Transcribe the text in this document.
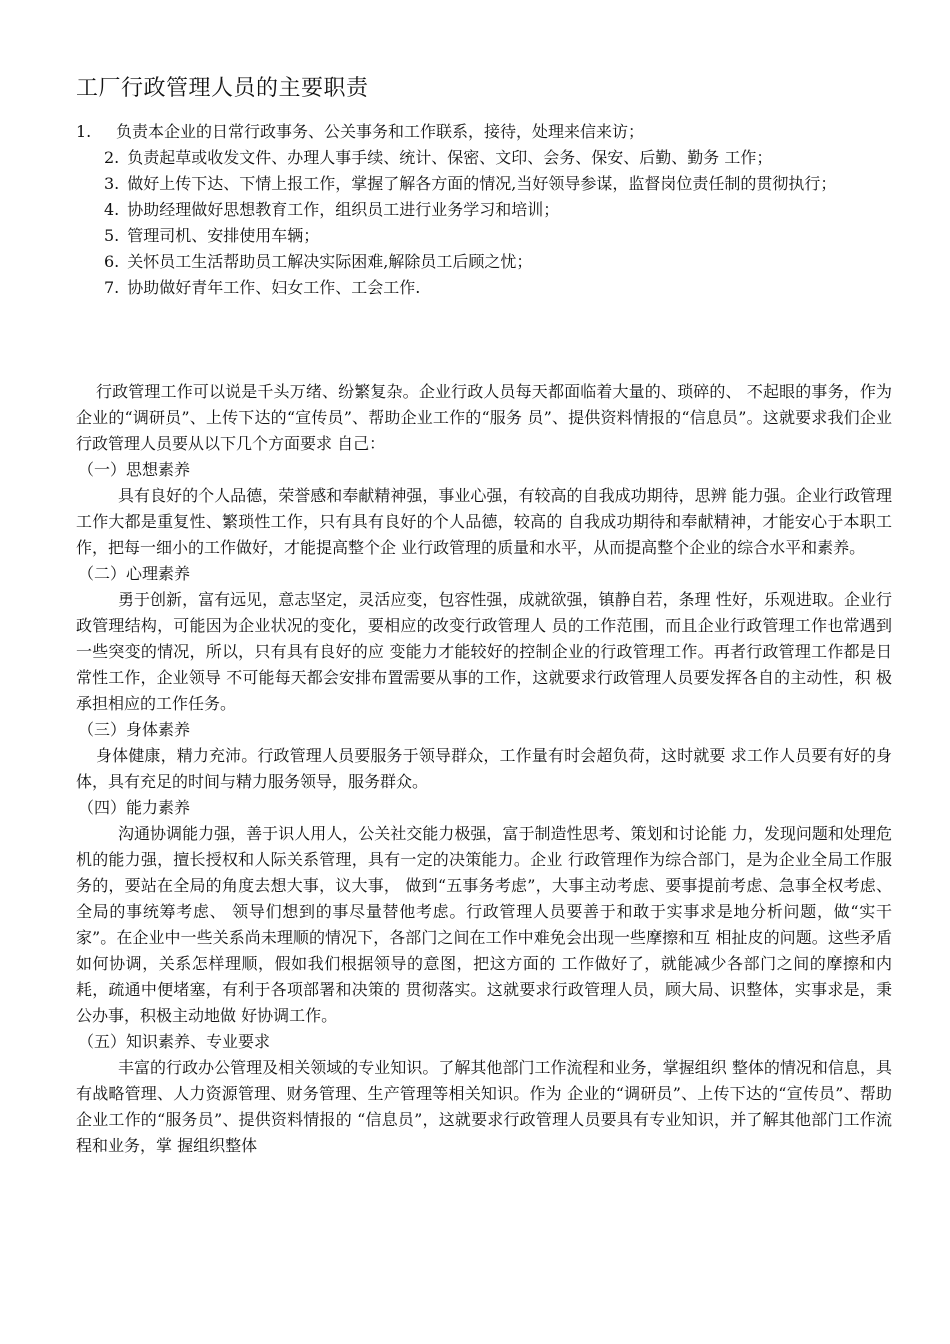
工厂行政管理人员的主要职责
1.	负责本企业的日常行政事务、公关事务和工作联系，接待，处理来信来访；
2. 负责起草或收发文件、办理人事手续、统计、保密、文印、会务、保安、后勤、勤务 工作；
3. 做好上传下达、下情上报工作，掌握了解各方面的情况,当好领导参谋，监督岗位责任制的贯彻执行；
4. 协助经理做好思想教育工作，组织员工进行业务学习和培训；
5. 管理司机、安排使用车辆；
6. 关怀员工生活帮助员工解决实际困难,解除员工后顾之忧；
7. 协助做好青年工作、妇女工作、工会工作.

行政管理工作可以说是千头万绪、纷繁复杂。企业行政人员每天都面临着大量的、琐碎的、 不起眼的事务，作为企业的“调研员”、上传下达的“宣传员”、帮助企业工作的“服务 员”、提供资料情报的“信息员”。这就要求我们企业行政管理人员要从以下几个方面要求 自己：

（一）思想素养

具有良好的个人品德，荣誉感和奉献精神强，事业心强，有较高的自我成功期待，思辨 能力强。企业行政管理工作大都是重复性、繁琐性工作，只有具有良好的个人品德，较高的 自我成功期待和奉献精神，才能安心于本职工作，把每一细小的工作做好，才能提高整个企 业行政管理的质量和水平，从而提高整个企业的综合水平和素养。

（二）心理素养

勇于创新，富有远见，意志坚定，灵活应变，包容性强，成就欲强，镇静自若，条理 性好，乐观进取。企业行政管理结构，可能因为企业状况的变化，要相应的改变行政管理人 员的工作范围，而且企业行政管理工作也常遇到一些突变的情况，所以，只有具有良好的应 变能力才能较好的控制企业的行政管理工作。再者行政管理工作都是日常性工作，企业领导 不可能每天都会安排布置需要从事的工作，这就要求行政管理人员要发挥各自的主动性，积 极承担相应的工作任务。

（三）身体素养

身体健康，精力充沛。行政管理人员要服务于领导群众，工作量有时会超负荷，这时就要 求工作人员要有好的身体，具有充足的时间与精力服务领导，服务群众。

（四）能力素养

沟通协调能力强，善于识人用人，公关社交能力极强，富于制造性思考、策划和讨论能 力，发现问题和处理危机的能力强，擅长授权和人际关系管理，具有一定的决策能力。企业 行政管理作为综合部门，是为企业全局工作服务的，要站在全局的角度去想大事，议大事， 做到“五事务考虑”，大事主动考虑、要事提前考虑、急事全权考虑、全局的事统筹考虑、 领导们想到的事尽量替他考虑。行政管理人员要善于和敢于实事求是地分析问题，做“实干 家”。在企业中一些关系尚未理顺的情况下，各部门之间在工作中难免会出现一些摩擦和互 相扯皮的问题。这些矛盾如何协调，关系怎样理顺，假如我们根据领导的意图，把这方面的 工作做好了，就能减少各部门之间的摩擦和内耗，疏通中便堵塞，有利于各项部署和决策的 贯彻落实。这就要求行政管理人员，顾大局、识整体，实事求是，秉公办事，积极主动地做 好协调工作。

（五）知识素养、专业要求

丰富的行政办公管理及相关领域的专业知识。了解其他部门工作流程和业务，掌握组织 整体的情况和信息，具有战略管理、人力资源管理、财务管理、生产管理等相关知识。作为 企业的“调研员”、上传下达的“宣传员”、帮助企业工作的“服务员”、提供资料情报的 “信息员”，这就要求行政管理人员要具有专业知识，并了解其他部门工作流程和业务，掌 握组织整体
